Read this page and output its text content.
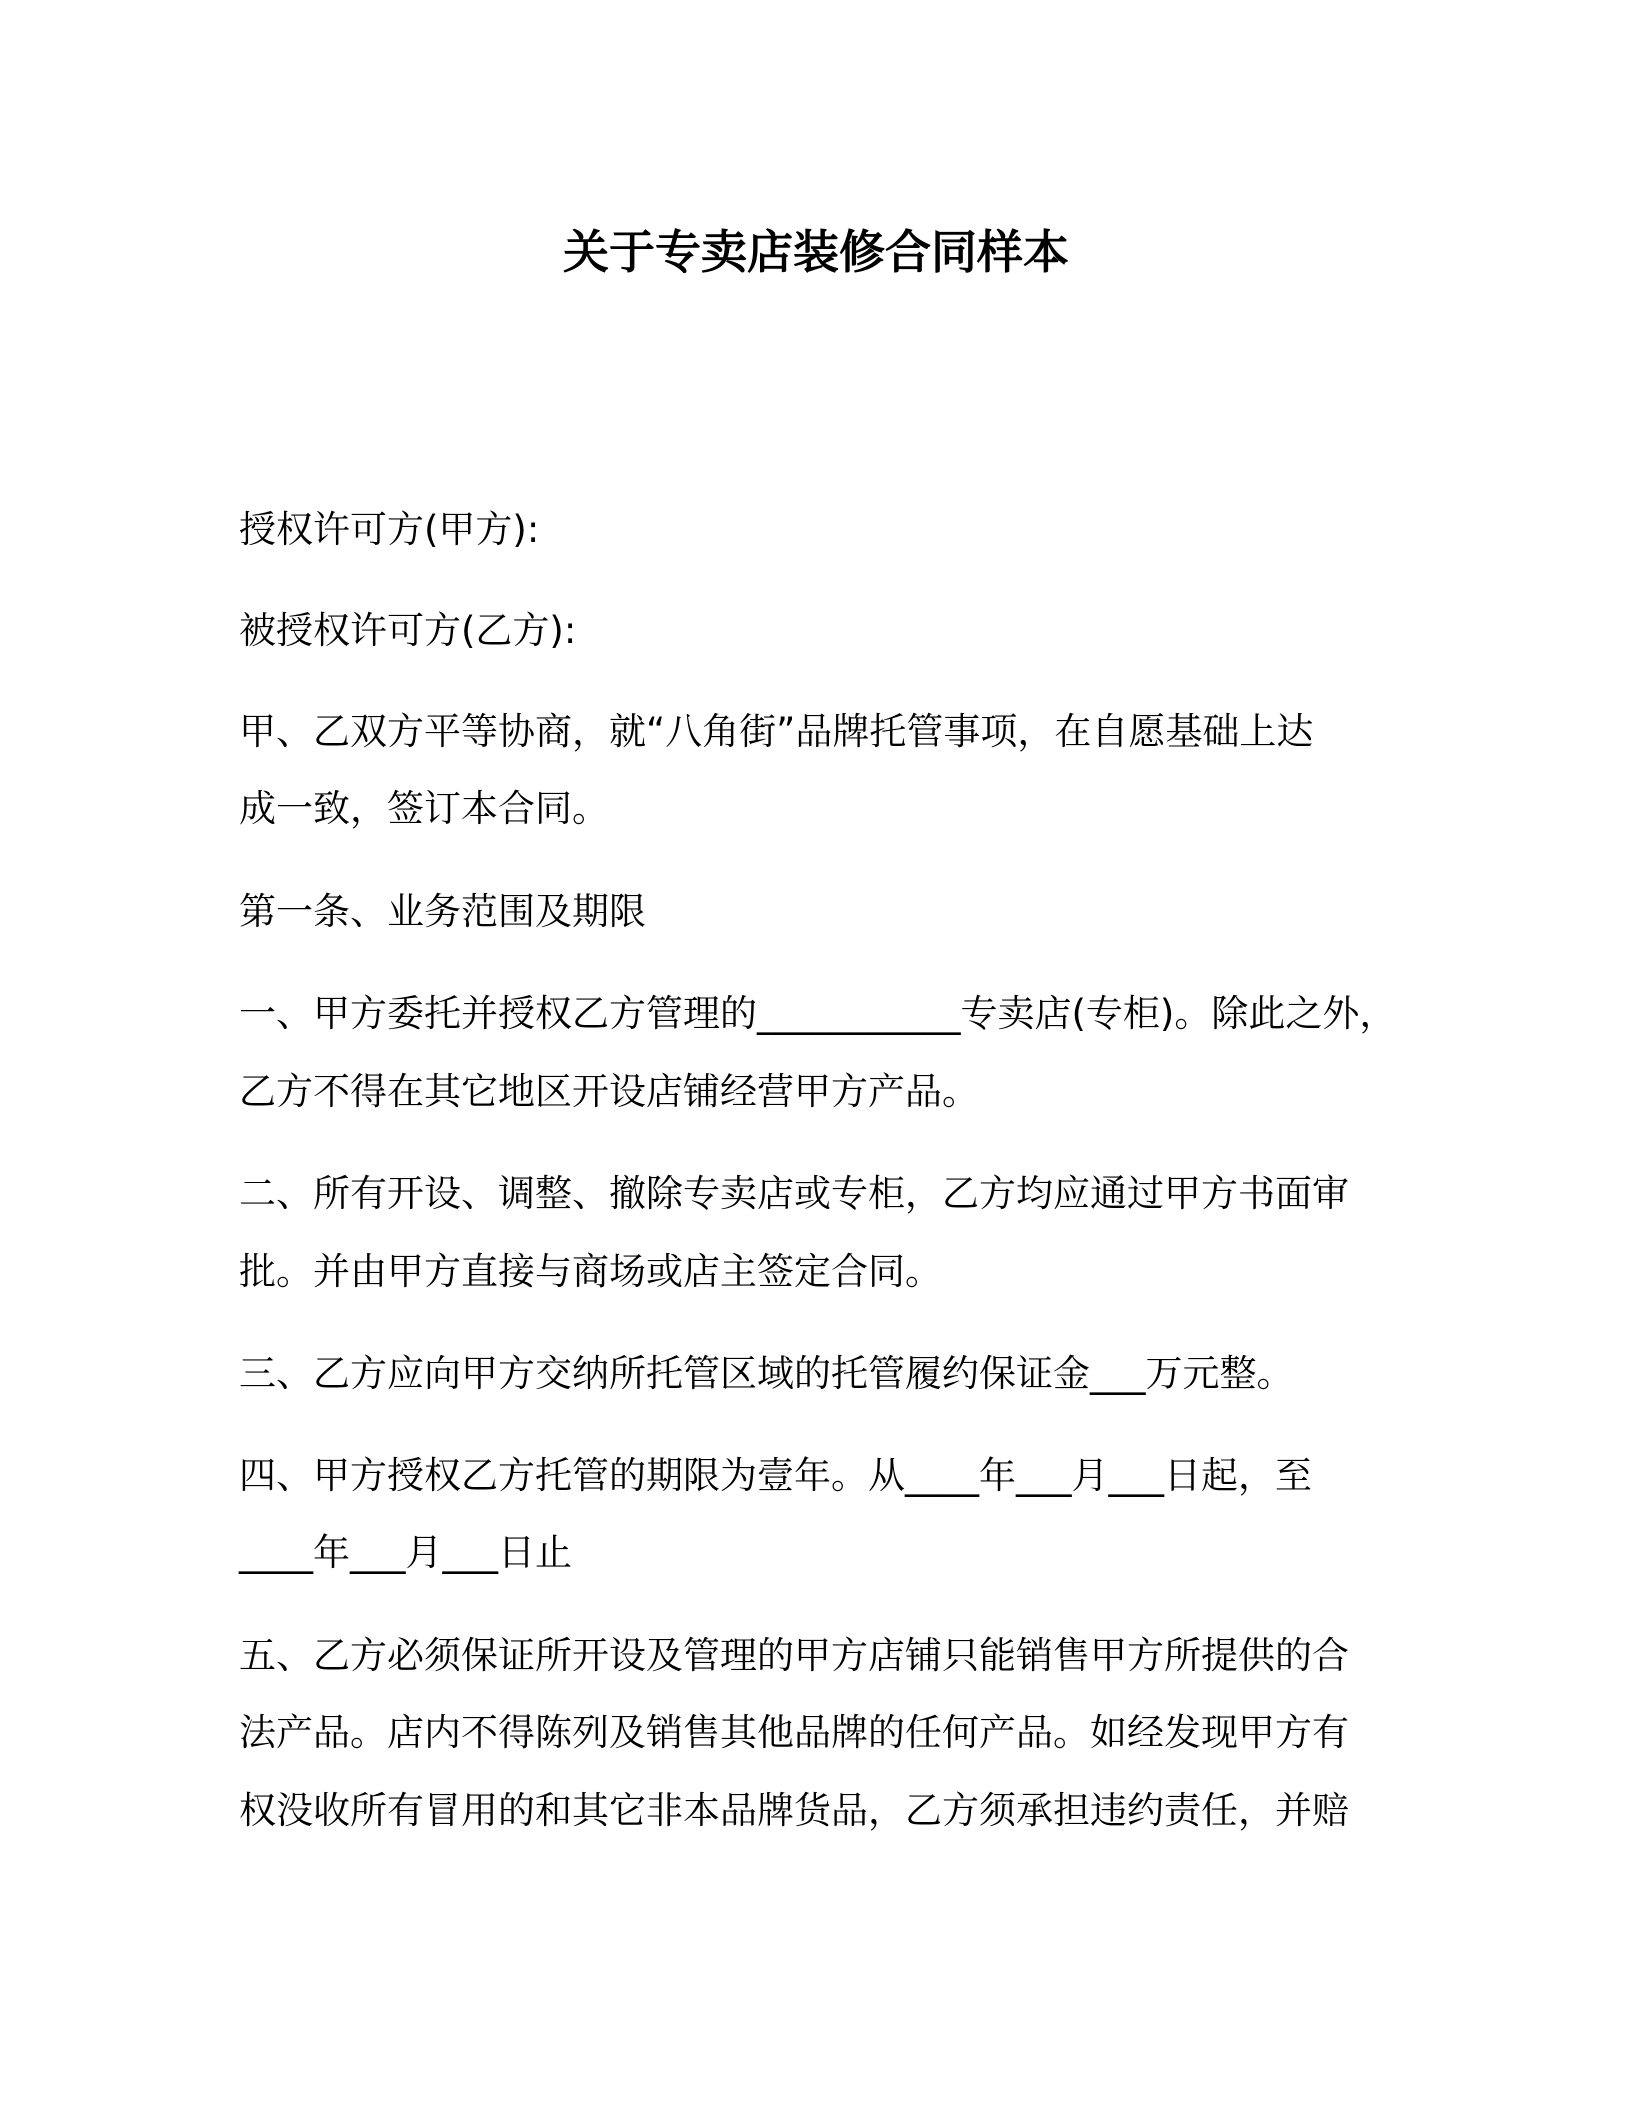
关于专卖店装修合同样本

授权许可方(甲方):

被授权许可方(乙方):

甲、乙双方平等协商，就“八角街”品牌托管事项，在自愿基础上达

成一致，签订本合同。

第一条、业务范围及期限

一、甲方委托并授权乙方管理的___________专卖店(专柜)。除此之外，

乙方不得在其它地区开设店铺经营甲方产品。

二、所有开设、调整、撤除专卖店或专柜，乙方均应通过甲方书面审

批。并由甲方直接与商场或店主签定合同。

三、乙方应向甲方交纳所托管区域的托管履约保证金___万元整。

四、甲方授权乙方托管的期限为壹年。从____年___月___日起，至

____年___月___日止

五、乙方必须保证所开设及管理的甲方店铺只能销售甲方所提供的合

法产品。店内不得陈列及销售其他品牌的任何产品。如经发现甲方有

权没收所有冒用的和其它非本品牌货品，乙方须承担违约责任，并赔
